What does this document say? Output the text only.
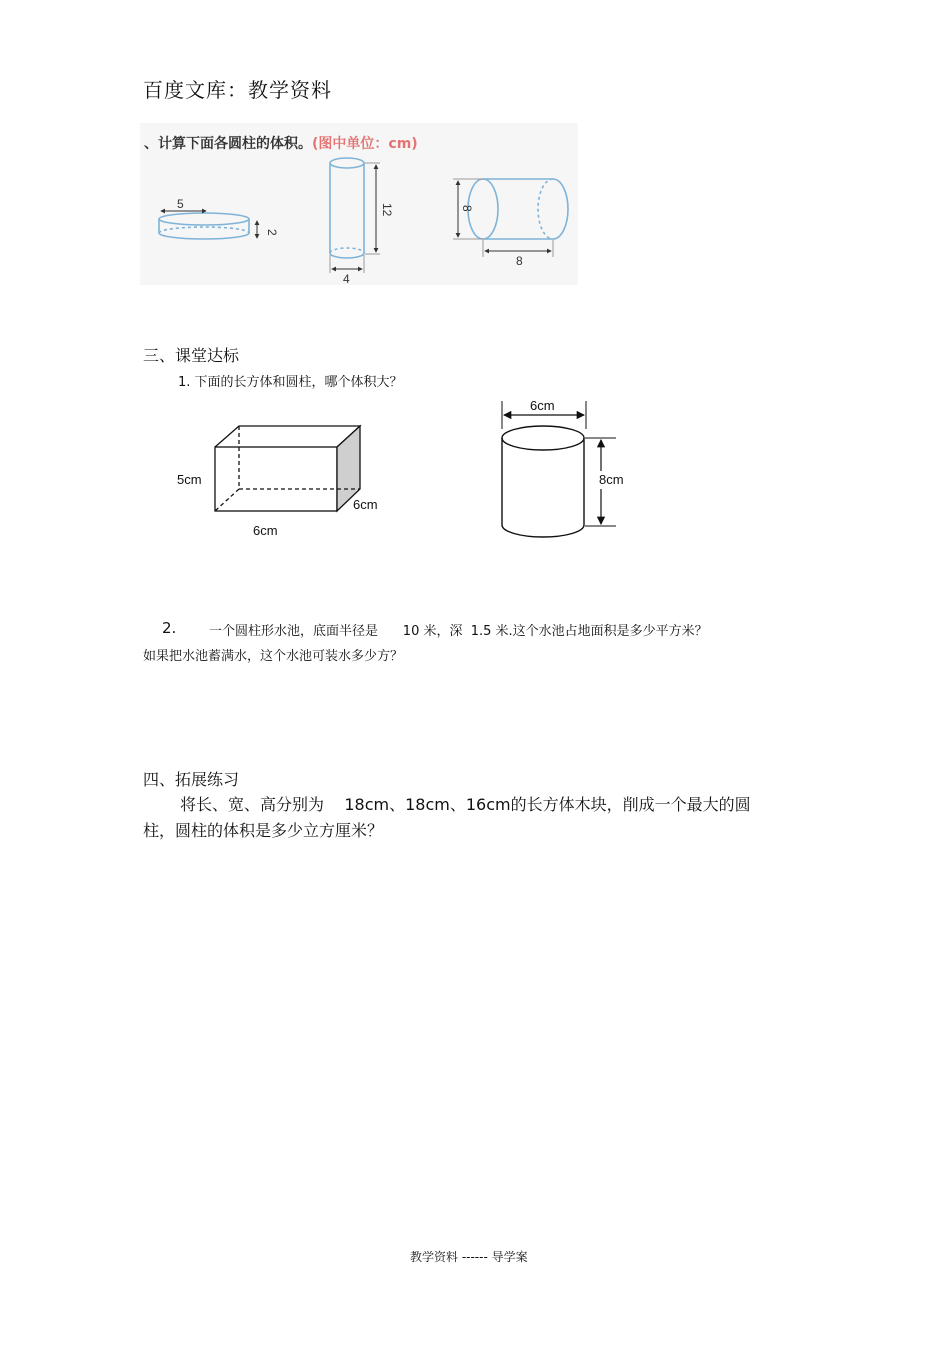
百度文库：教学资料
、计算下面各圆柱的体积。(图中单位：cm)
5
2
12
4
8
8
三、课堂达标
1. 下面的长方体和圆柱，哪个体积大？
5cm
6cm
6cm
6cm
8cm
2.	一个圆柱形水池，底面半径是      10 米，深  1.5 米.这个水池占地面积是多少平方米？
如果把水池蓄满水，这个水池可装水多少方？
四、拓展练习
将长、宽、高分别为    18cm、18cm、16cm的长方体木块，削成一个最大的圆
柱，圆柱的体积是多少立方厘米？
教学资料 ------ 导学案
